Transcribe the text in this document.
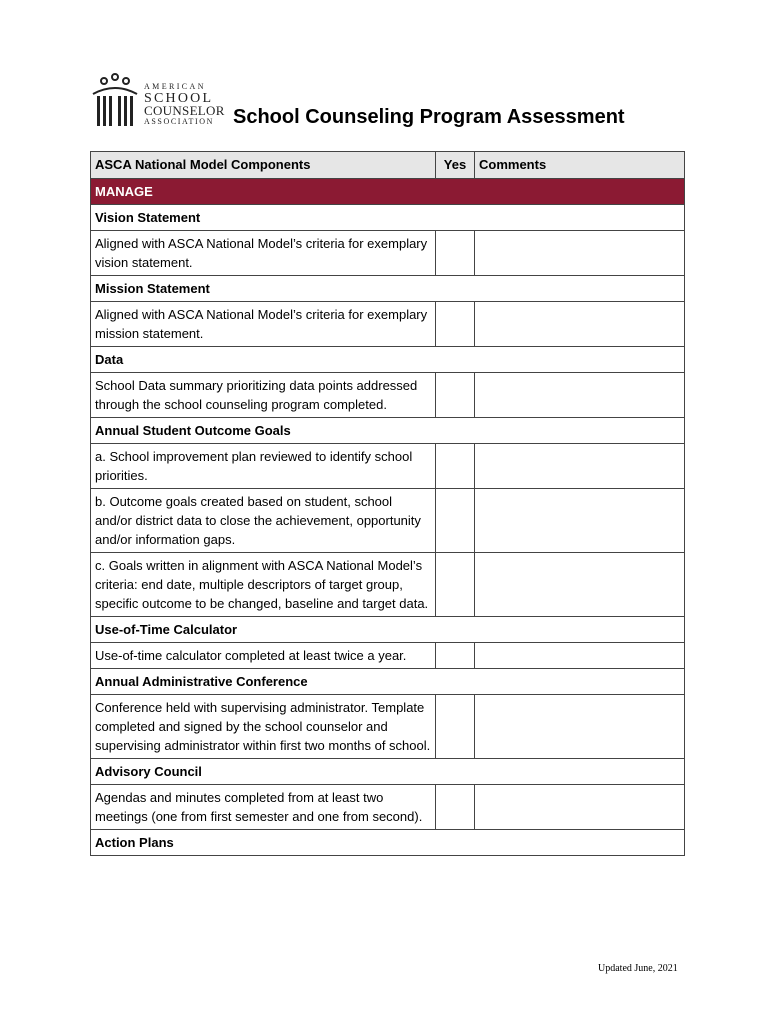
AMERICAN
SCHOOL
COUNSELOR
ASSOCIATION School Counseling Program Assessment
ASCA National Model Components	Yes	Comments
MANAGE		
Vision Statement		
Aligned with ASCA National Model’s criteria for exemplary vision statement.		
Mission Statement		
Aligned with ASCA National Model’s criteria for exemplary mission statement.		
Data		
School Data summary prioritizing data points addressed through the school counseling program completed.		
Annual Student Outcome Goals		
a. School improvement plan reviewed to identify school priorities.		
b. Outcome goals created based on student, school and/or district data to close the achievement, opportunity and/or information gaps.		
c. Goals written in alignment with ASCA National Model’s criteria: end date, multiple descriptors of target group, specific outcome to be changed, baseline and target data.		
Use-of-Time Calculator		
Use-of-time calculator completed at least twice a year.		
Annual Administrative Conference		
Conference held with supervising administrator. Template completed and signed by the school counselor and supervising administrator within first two months of school.		
Advisory Council		
Agendas and minutes completed from at least two meetings (one from first semester and one from second).		
Action Plans		
Updated June, 2021
